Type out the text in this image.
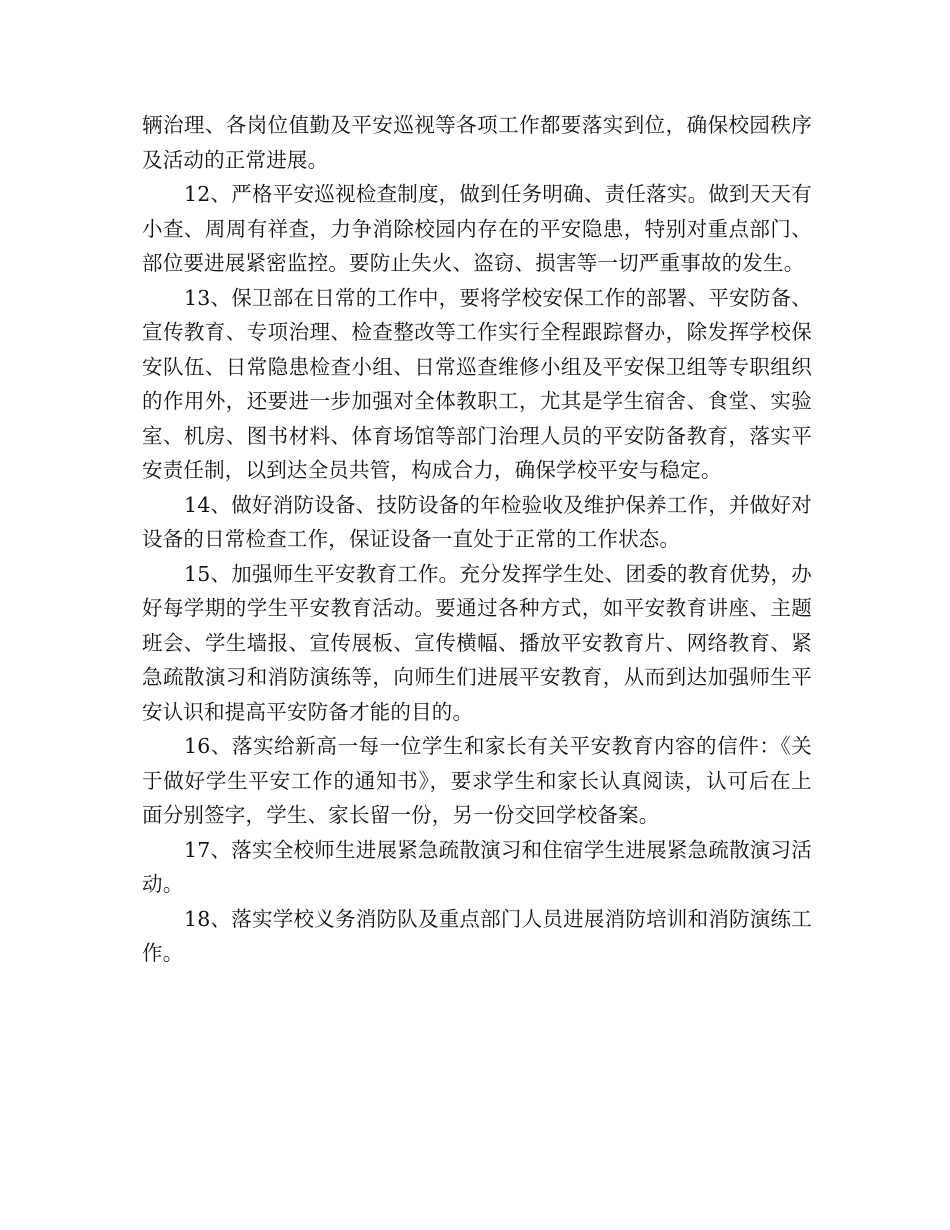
辆治理、各岗位值勤及平安巡视等各项工作都要落实到位，确保校园秩序及活动的正常进展。

12、严格平安巡视检查制度，做到任务明确、责任落实。做到天天有小查、周周有祥查，力争消除校园内存在的平安隐患，特别对重点部门、部位要进展紧密监控。要防止失火、盗窃、损害等一切严重事故的发生。

13、保卫部在日常的工作中，要将学校安保工作的部署、平安防备、宣传教育、专项治理、检查整改等工作实行全程跟踪督办，除发挥学校保安队伍、日常隐患检查小组、日常巡查维修小组及平安保卫组等专职组织的作用外，还要进一步加强对全体教职工，尤其是学生宿舍、食堂、实验室、机房、图书材料、体育场馆等部门治理人员的平安防备教育，落实平安责任制，以到达全员共管，构成合力，确保学校平安与稳定。

14、做好消防设备、技防设备的年检验收及维护保养工作，并做好对设备的日常检查工作，保证设备一直处于正常的工作状态。

15、加强师生平安教育工作。充分发挥学生处、团委的教育优势，办好每学期的学生平安教育活动。要通过各种方式，如平安教育讲座、主题班会、学生墙报、宣传展板、宣传横幅、播放平安教育片、网络教育、紧急疏散演习和消防演练等，向师生们进展平安教育，从而到达加强师生平安认识和提高平安防备才能的目的。

16、落实给新高一每一位学生和家长有关平安教育内容的信件：《关于做好学生平安工作的通知书》，要求学生和家长认真阅读，认可后在上面分别签字，学生、家长留一份，另一份交回学校备案。

17、落实全校师生进展紧急疏散演习和住宿学生进展紧急疏散演习活动。

18、落实学校义务消防队及重点部门人员进展消防培训和消防演练工作。
